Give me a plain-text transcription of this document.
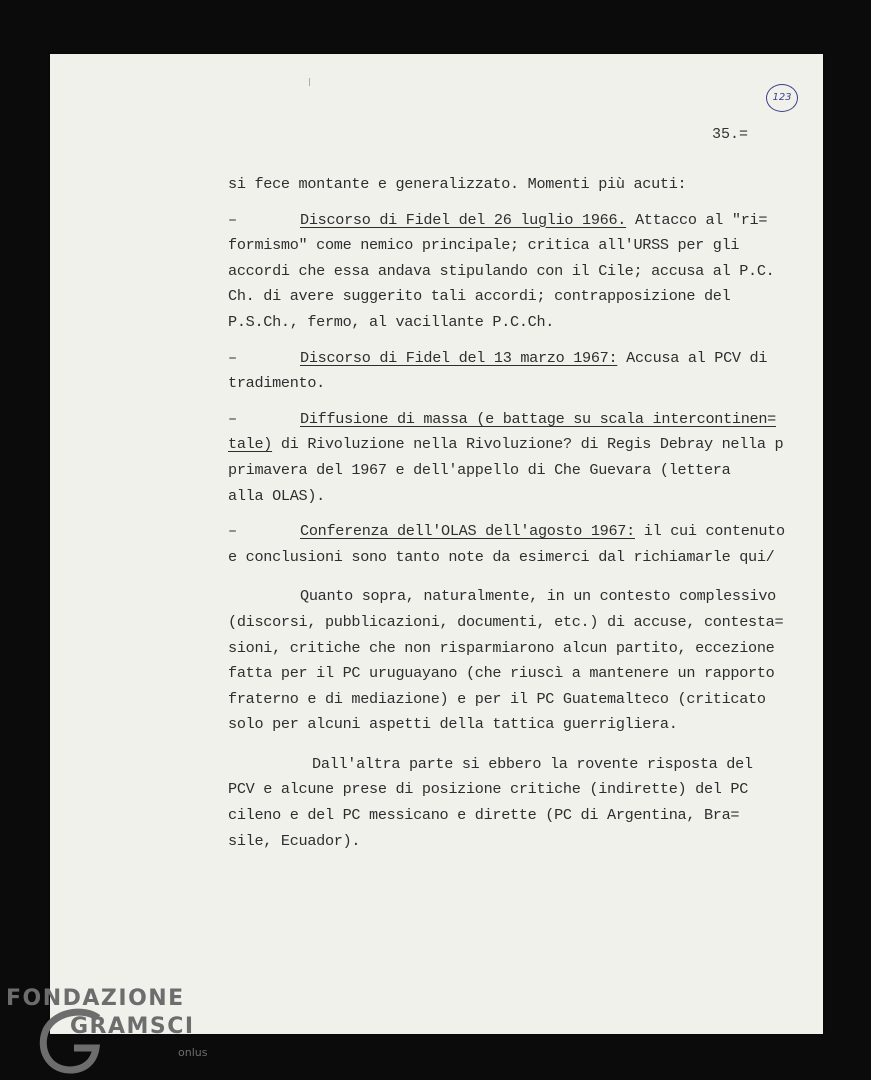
123
35.=
si fece montante e generalizzato. Momenti più acuti:
–	Discorso di Fidel del 26 luglio 1966. Attacco al "ri=
formismo" come nemico principale; critica all'URSS per gli
accordi che essa andava stipulando con il Cile; accusa al P.C.
Ch. di avere suggerito tali accordi; contrapposizione del
P.S.Ch., fermo, al vacillante P.C.Ch.
–	Discorso di Fidel del 13 marzo 1967: Accusa al PCV di
tradimento.
–	Diffusione di massa (e battage su scala intercontinen=
tale) di Rivoluzione nella Rivoluzione? di Regis Debray nella p
primavera del 1967 e dell'appello di Che Guevara (lettera
alla OLAS).
–	Conferenza dell'OLAS dell'agosto 1967: il cui contenuto
e conclusioni sono tanto note da esimerci dal richiamarle qui/
Quanto sopra, naturalmente, in un contesto complessivo
(discorsi, pubblicazioni, documenti, etc.) di accuse, contesta=
sioni, critiche che non risparmiarono alcun partito, eccezione
fatta per il PC uruguayano (che riuscì a mantenere un rapporto
fraterno e di mediazione) e per il PC Guatemalteco (criticato
solo per alcuni aspetti della tattica guerrigliera.
Dall'altra parte si ebbero la rovente risposta del
PCV e alcune prese di posizione critiche (indirette) del PC
cileno e del PC messicano e dirette (PC di Argentina, Bra=
sile, Ecuador).
FONDAZIONE
GRAMSCI
onlus
